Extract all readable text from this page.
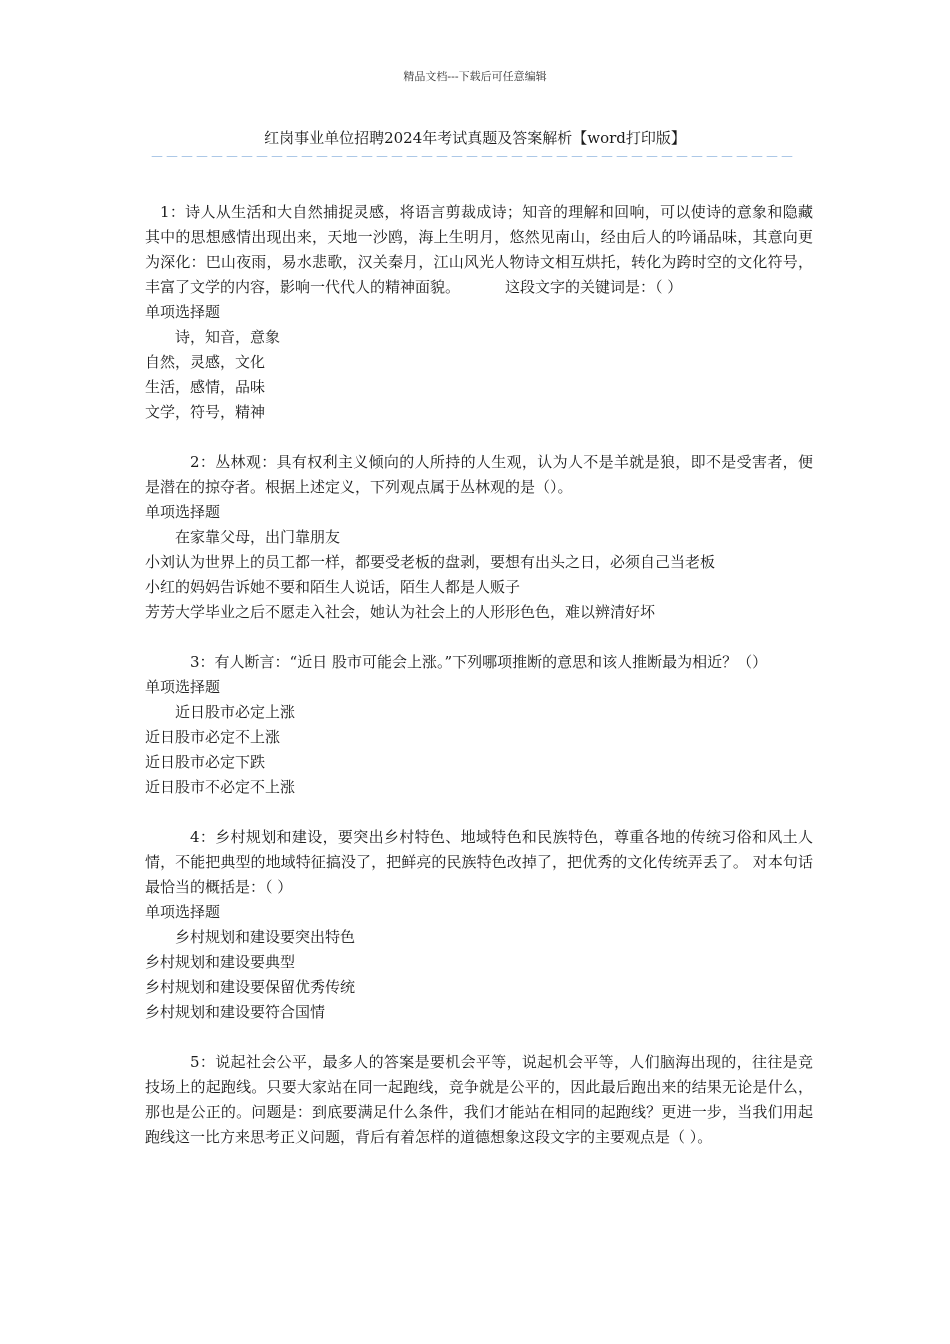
精品文档---下载后可任意编辑
红岗事业单位招聘2024年考试真题及答案解析【word打印版】
－－－－－－－－－－－－－－－－－－－－－－－－－－－－－－－－－－－－－－－－－－－
1：诗人从生活和大自然捕捉灵感，将语言剪裁成诗；知音的理解和回响，可以使诗的意象和隐藏其中的思想感情出现出来，天地一沙鸥，海上生明月，悠然见南山，经由后人的吟诵品味，其意向更为深化：巴山夜雨，易水悲歌，汉关秦月，江山风光人物诗文相互烘托，转化为跨时空的文化符号，丰富了文学的内容，影响一代代人的精神面貌。	这段文字的关键词是：（ ）
单项选择题
诗，知音，意象
自然，灵感，文化
生活，感情，品味
文学，符号，精神
2：丛林观：具有权利主义倾向的人所持的人生观，认为人不是羊就是狼，即不是受害者，便是潜在的掠夺者。根据上述定义，下列观点属于丛林观的是（）。
单项选择题
在家靠父母，出门靠朋友
小刘认为世界上的员工都一样，都要受老板的盘剥，要想有出头之日，必须自己当老板
小红的妈妈告诉她不要和陌生人说话，陌生人都是人贩子
芳芳大学毕业之后不愿走入社会，她认为社会上的人形形色色，难以辨清好坏
3：有人断言：“近日 股市可能会上涨。”下列哪项推断的意思和该人推断最为相近？（）
单项选择题
近日股市必定上涨
近日股市必定不上涨
近日股市必定下跌
近日股市不必定不上涨
4：乡村规划和建设，要突出乡村特色、地域特色和民族特色，尊重各地的传统习俗和风土人情，不能把典型的地域特征搞没了，把鲜亮的民族特色改掉了，把优秀的文化传统弄丢了。 对本句话最恰当的概括是：（ ）
单项选择题
乡村规划和建设要突出特色
乡村规划和建设要典型
乡村规划和建设要保留优秀传统
乡村规划和建设要符合国情
5：说起社会公平，最多人的答案是要机会平等，说起机会平等，人们脑海出现的，往往是竞技场上的起跑线。只要大家站在同一起跑线，竞争就是公平的，因此最后跑出来的结果无论是什么，那也是公正的。问题是：到底要满足什么条件，我们才能站在相同的起跑线？更进一步，当我们用起跑线这一比方来思考正义问题，背后有着怎样的道德想象这段文字的主要观点是（ ）。
